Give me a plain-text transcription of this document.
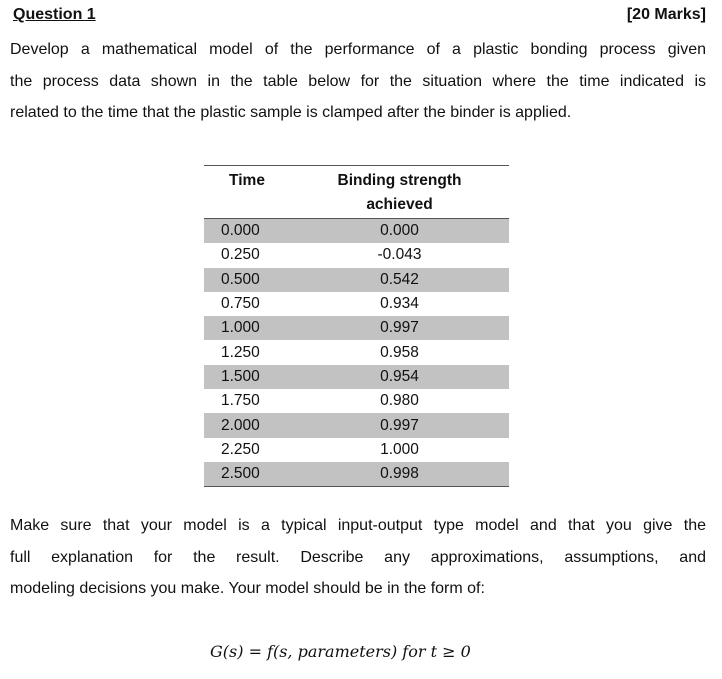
Question 1	[20 Marks]
Develop a mathematical model of the performance of a plastic bonding process given
the process data shown in the table below for the situation where the time indicated is
related to the time that the plastic sample is clamped after the binder is applied.
Time	Binding strength
achieved
0.000	0.000
0.250	-0.043
0.500	0.542
0.750	0.934
1.000	0.997
1.250	0.958
1.500	0.954
1.750	0.980
2.000	0.997
2.250	1.000
2.500	0.998
Make sure that your model is a typical input-output type model and that you give the
full explanation for the result. Describe any approximations, assumptions, and
modeling decisions you make. Your model should be in the form of:
G(s) = f(s, parameters) for t ≥ 0
